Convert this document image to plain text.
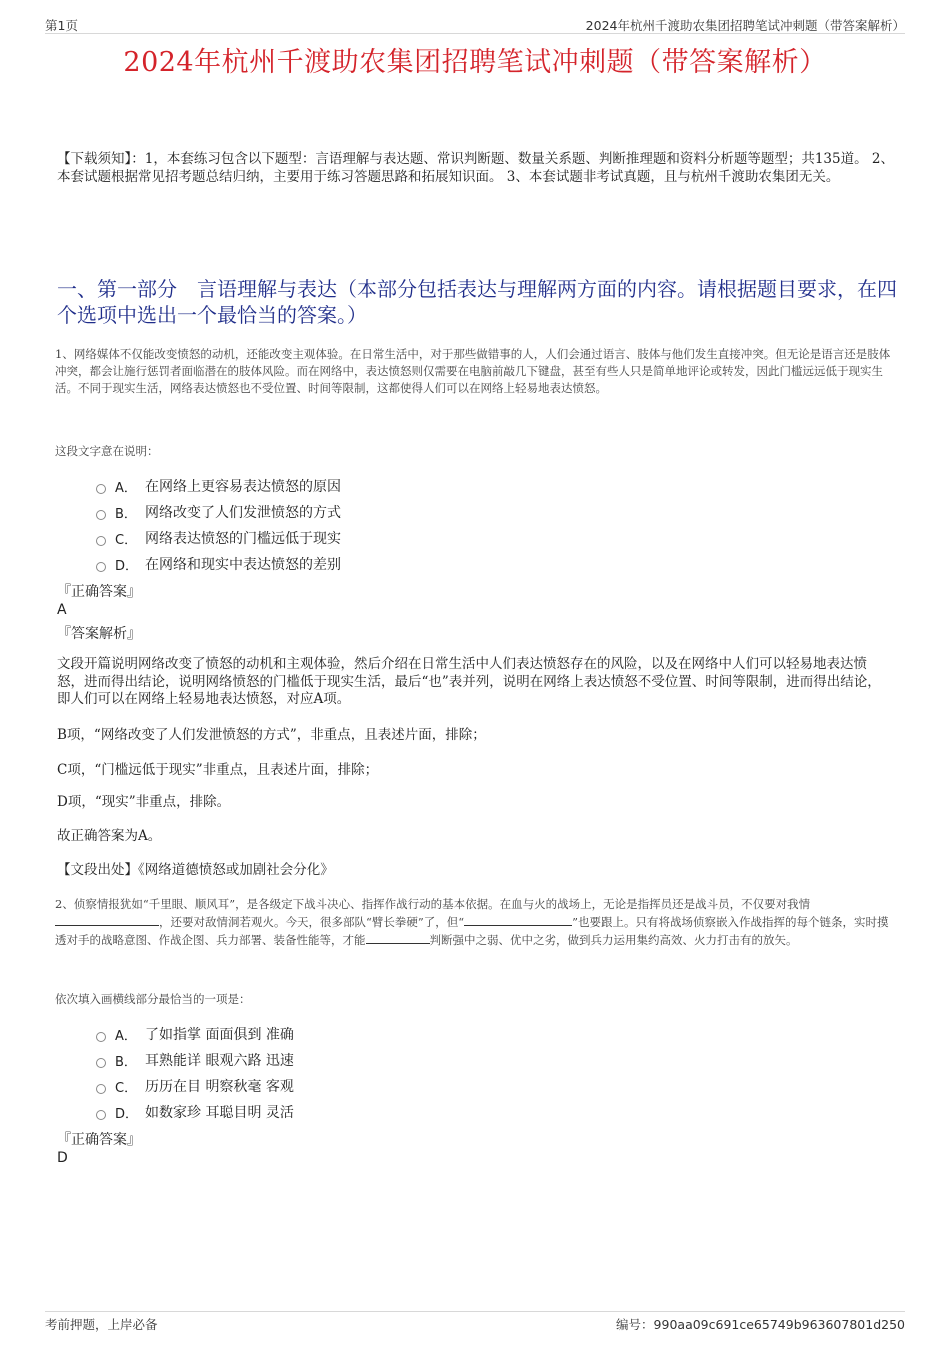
第1页	2024年杭州千渡助农集团招聘笔试冲刺题（带答案解析）
2024年杭州千渡助农集团招聘笔试冲刺题（带答案解析）
【下载须知】：1，本套练习包含以下题型：言语理解与表达题、常识判断题、数量关系题、判断推理题和资料分析题等题型；共135道。 2、本套试题根据常见招考题总结归纳，主要用于练习答题思路和拓展知识面。 3、本套试题非考试真题，且与杭州千渡助农集团无关。
一、第一部分　言语理解与表达（本部分包括表达与理解两方面的内容。请根据题目要求，在四个选项中选出一个最恰当的答案。）
1、网络媒体不仅能改变愤怒的动机，还能改变主观体验。在日常生活中，对于那些做错事的人，人们会通过语言、肢体与他们发生直接冲突。但无论是语言还是肢体冲突，都会让施行惩罚者面临潜在的肢体风险。而在网络中，表达愤怒则仅需要在电脑前敲几下键盘，甚至有些人只是简单地评论或转发，因此门槛远远低于现实生活。不同于现实生活，网络表达愤怒也不受位置、时间等限制，这都使得人们可以在网络上轻易地表达愤怒。
这段文字意在说明：
A． 在网络上更容易表达愤怒的原因
B． 网络改变了人们发泄愤怒的方式
C． 网络表达愤怒的门槛远低于现实
D． 在网络和现实中表达愤怒的差别
『正确答案』
A
『答案解析』
文段开篇说明网络改变了愤怒的动机和主观体验，然后介绍在日常生活中人们表达愤怒存在的风险，以及在网络中人们可以轻易地表达愤怒，进而得出结论，说明网络愤怒的门槛低于现实生活，最后“也”表并列，说明在网络上表达愤怒不受位置、时间等限制，进而得出结论，即人们可以在网络上轻易地表达愤怒，对应A项。
B项，“网络改变了人们发泄愤怒的方式”，非重点，且表述片面，排除；
C项，“门槛远低于现实”非重点，且表述片面，排除；
D项，“现实”非重点，排除。
故正确答案为A。
【文段出处】《网络道德愤怒或加剧社会分化》
2、侦察情报犹如“千里眼、顺风耳”，是各级定下战斗决心、指挥作战行动的基本依据。在血与火的战场上，无论是指挥员还是战斗员，不仅要对我情，还要对敌情洞若观火。今天，很多部队“臂长拳硬”了，但“	”也要跟上。只有将战场侦察嵌入作战指挥的每个链条，实时摸透对手的战略意图、作战企图、兵力部署、装备性能等，才能	判断强中之弱、优中之劣，做到兵力运用集约高效、火力打击有的放矢。
依次填入画横线部分最恰当的一项是：
A． 了如指掌 面面俱到 准确
B． 耳熟能详 眼观六路 迅速
C． 历历在目 明察秋毫 客观
D． 如数家珍 耳聪目明 灵活
『正确答案』
D
考前押题，上岸必备	编号：990aa09c691ce65749b963607801d250
